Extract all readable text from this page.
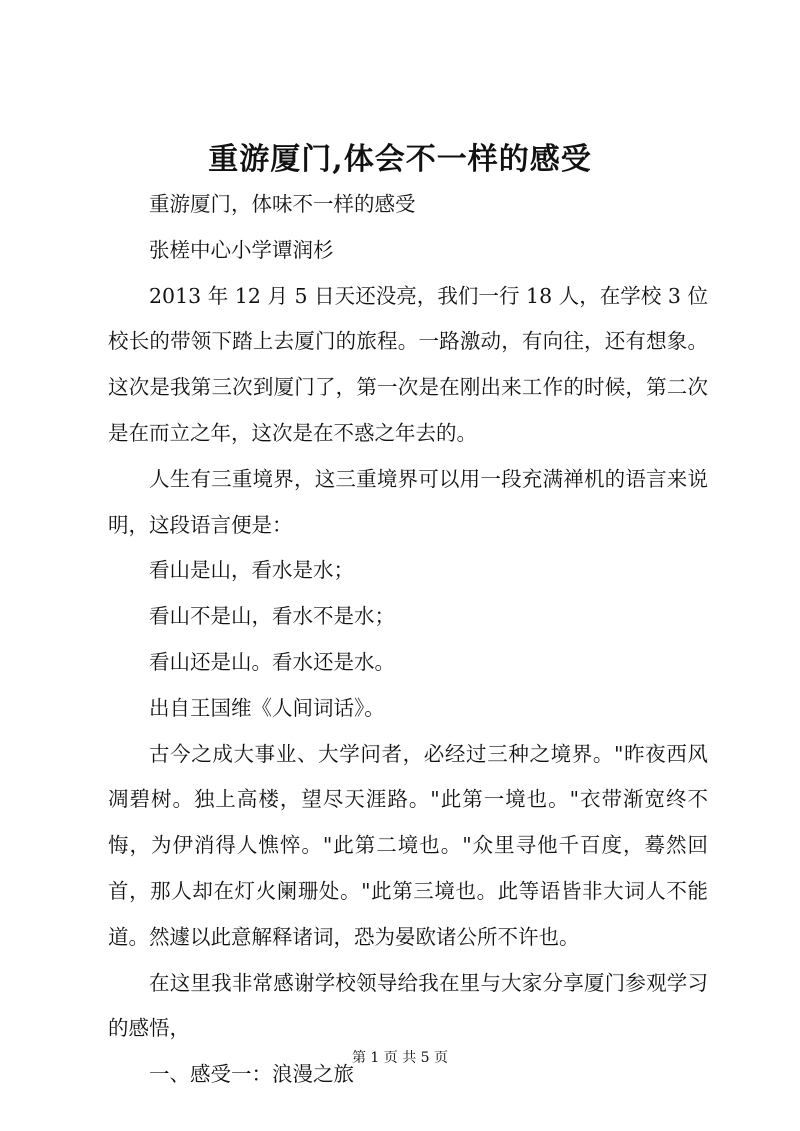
重游厦门,体会不一样的感受

重游厦门，体味不一样的感受

张槎中心小学谭润杉

2013 年 12 月 5 日天还没亮，我们一行 18 人，在学校 3 位校长的带领下踏上去厦门的旅程。一路激动，有向往，还有想象。这次是我第三次到厦门了，第一次是在刚出来工作的时候，第二次是在而立之年，这次是在不惑之年去的。

人生有三重境界，这三重境界可以用一段充满禅机的语言来说明，这段语言便是：

看山是山，看水是水；

看山不是山，看水不是水；

看山还是山。看水还是水。

出自王国维《人间词话》。

古今之成大事业、大学问者，必经过三种之境界。"昨夜西风凋碧树。独上高楼，望尽天涯路。"此第一境也。"衣带渐宽终不悔，为伊消得人憔悴。"此第二境也。"众里寻他千百度，蓦然回首，那人却在灯火阑珊处。"此第三境也。此等语皆非大词人不能道。然遽以此意解释诸词，恐为晏欧诸公所不许也。

在这里我非常感谢学校领导给我在里与大家分享厦门参观学习的感悟，

一、感受一：浪漫之旅

第 1 页 共 5 页
